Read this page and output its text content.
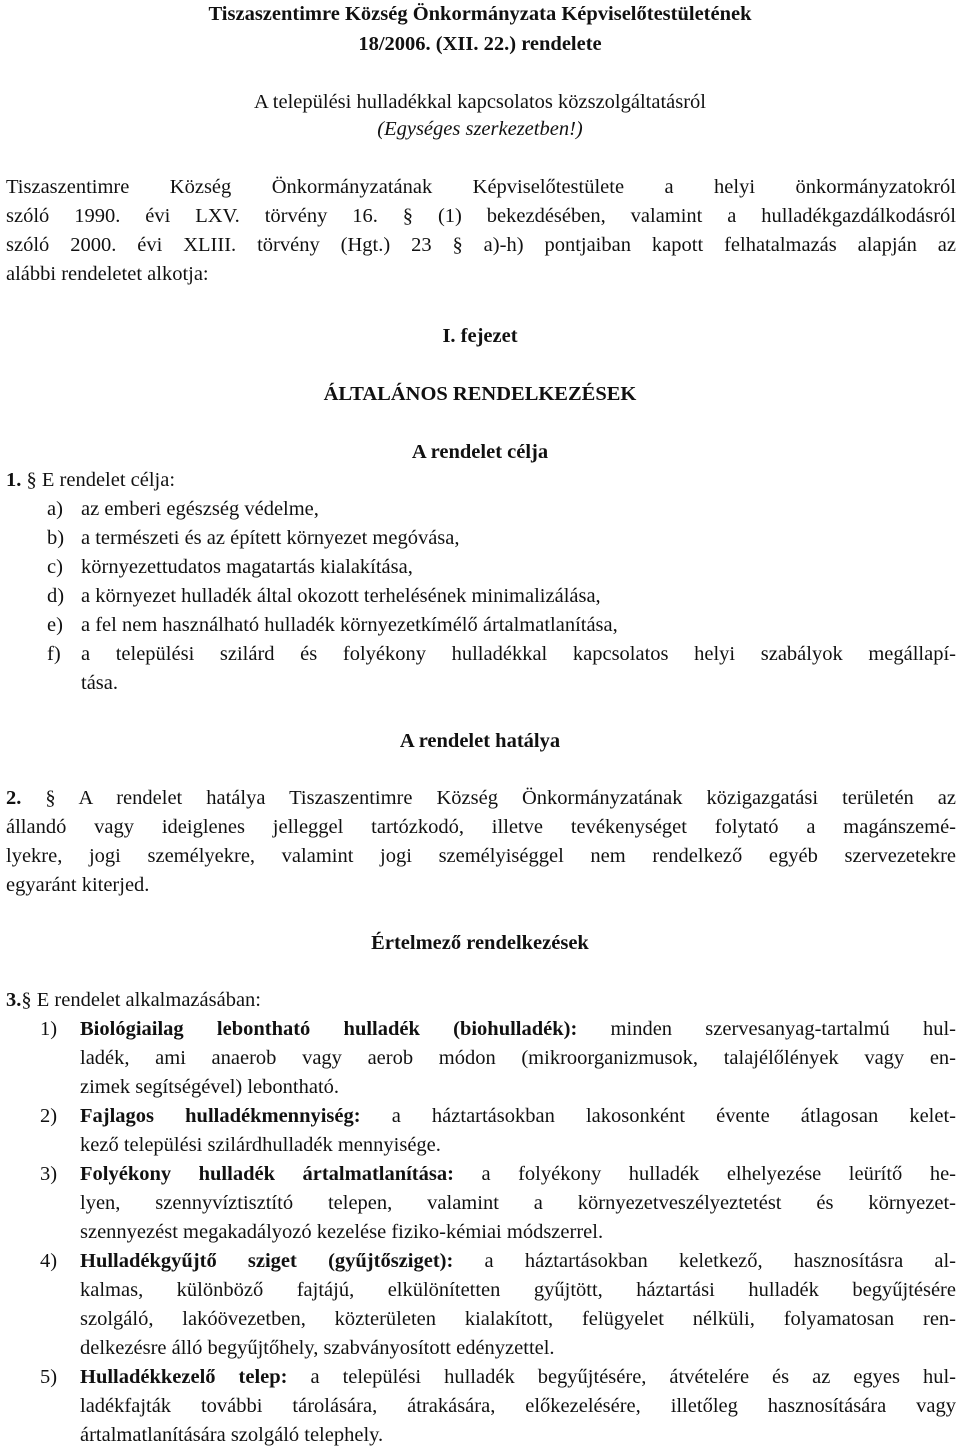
Tiszaszentimre Község Önkormányzata Képviselőtestületének
18/2006. (XII. 22.) rendelete
A települési hulladékkal kapcsolatos közszolgáltatásról
(Egységes szerkezetben!)
Tiszaszentimre Község Önkormányzatának Képviselőtestülete a helyi önkormányzatokról
szóló 1990. évi LXV. törvény 16. § (1) bekezdésében, valamint a hulladékgazdálkodásról
szóló 2000. évi XLIII. törvény (Hgt.) 23 § a)-h) pontjaiban kapott felhatalmazás alapján az
alábbi rendeletet alkotja:
I. fejezet
ÁLTALÁNOS RENDELKEZÉSEK
A rendelet célja
1. § E rendelet célja:
a) az emberi egészség védelme,
b) a természeti és az épített környezet megóvása,
c) környezettudatos magatartás kialakítása,
d) a környezet hulladék által okozott terhelésének minimalizálása,
e) a fel nem használható hulladék környezetkímélő ártalmatlanítása,
f) a települési szilárd és folyékony hulladékkal kapcsolatos helyi szabályok megállapí-
tása.
A rendelet hatálya
2. § A rendelet hatálya Tiszaszentimre Község Önkormányzatának közigazgatási területén az
állandó vagy ideiglenes jelleggel tartózkodó, illetve tevékenységet folytató a magánszemé-
lyekre, jogi személyekre, valamint jogi személyiséggel nem rendelkező egyéb szervezetekre
egyaránt kiterjed.
Értelmező rendelkezések
3.§ E rendelet alkalmazásában:
1)	Biológiailag lebontható hulladék (biohulladék): minden szervesanyag-tartalmú hul-
ladék, ami anaerob vagy aerob módon (mikroorganizmusok, talajélőlények vagy en-
zimek segítségével) lebontható.
2)	Fajlagos hulladékmennyiség: a háztartásokban lakosonként évente átlagosan kelet-
kező települési szilárdhulladék mennyisége.
3)	Folyékony hulladék ártalmatlanítása: a folyékony hulladék elhelyezése leürítő he-
lyen, szennyvíztisztító telepen, valamint a környezetveszélyeztetést és környezet-
szennyezést megakadályozó kezelése fiziko-kémiai módszerrel.
4)	Hulladékgyűjtő sziget (gyűjtősziget): a háztartásokban keletkező, hasznosításra al-
kalmas, különböző fajtájú, elkülönítetten gyűjtött, háztartási hulladék begyűjtésére
szolgáló, lakóövezetben, közterületen kialakított, felügyelet nélküli, folyamatosan ren-
delkezésre álló begyűjtőhely, szabványosított edényzettel.
5)	Hulladékkezelő telep: a települési hulladék begyűjtésére, átvételére és az egyes hul-
ladékfajták további tárolására, átrakására, előkezelésére, illetőleg hasznosítására vagy
ártalmatlanítására szolgáló telephely.
